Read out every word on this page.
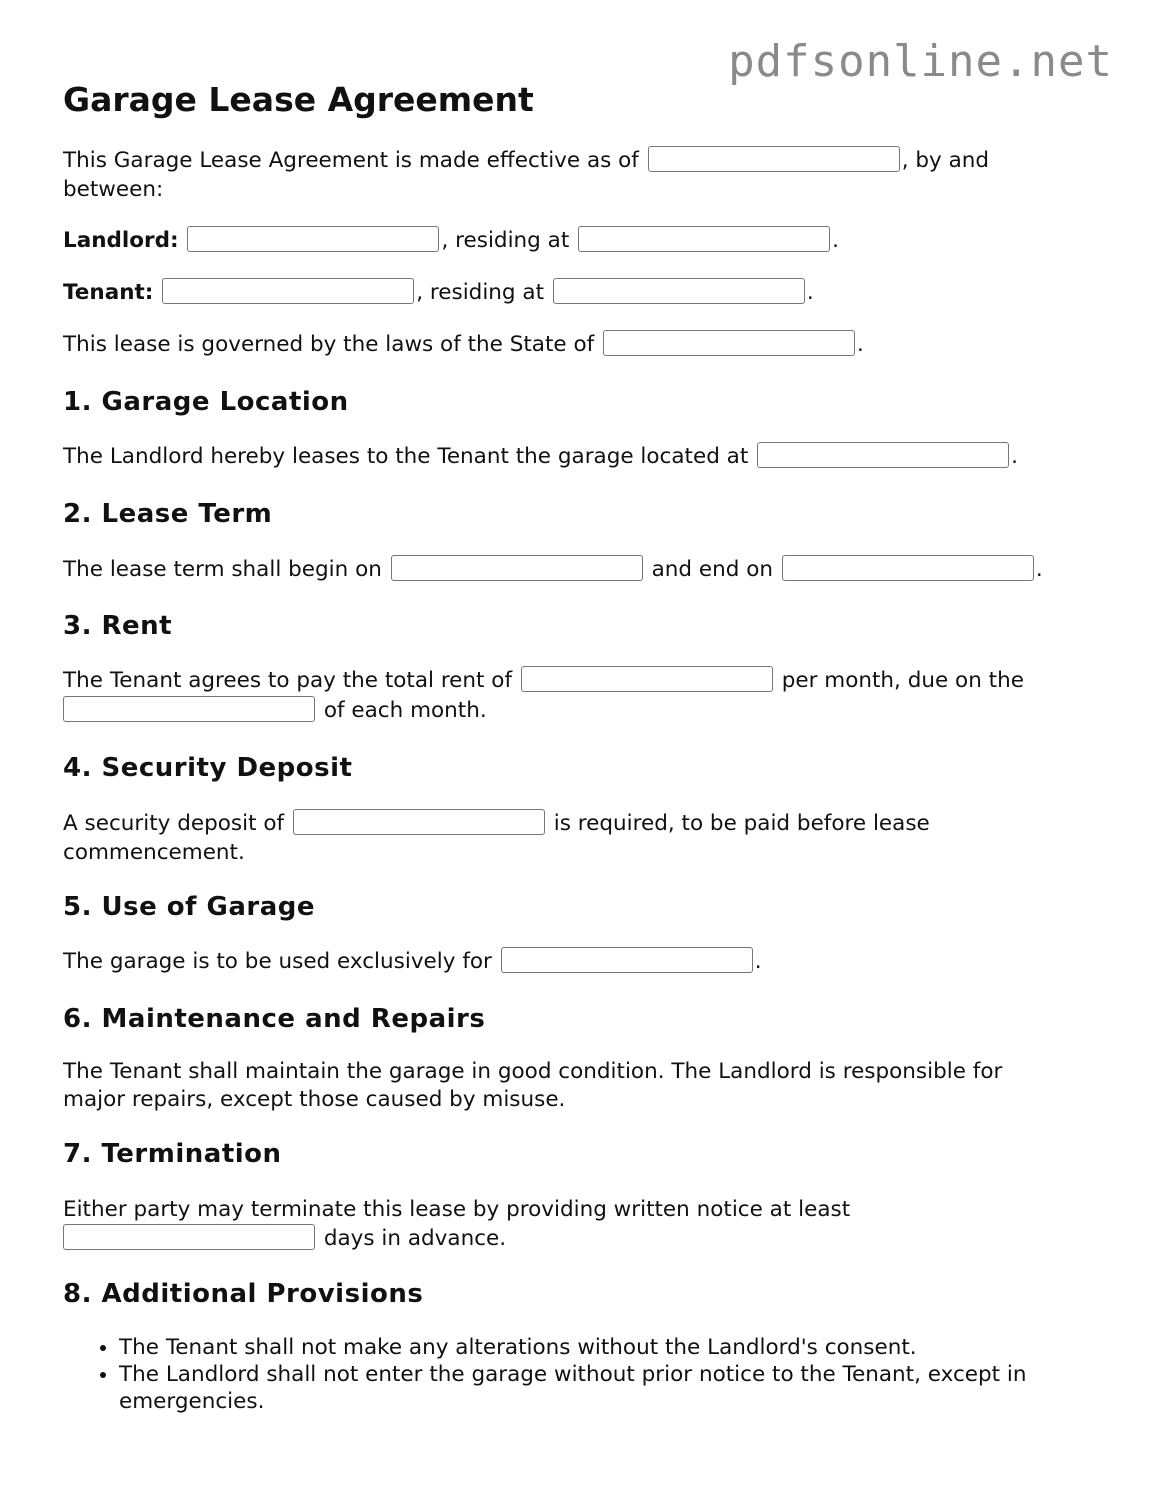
pdfsonline.net
Garage Lease Agreement

This Garage Lease Agreement is made effective as of	, by and between:

Landlord:	, residing at	.

Tenant:	, residing at	.

This lease is governed by the laws of the State of	.

1. Garage Location

The Landlord hereby leases to the Tenant the garage located at	.

2. Lease Term

The lease term shall begin on	and end on	.

3. Rent

The Tenant agrees to pay the total rent of	per month, due on the

of each month.

4. Security Deposit

A security deposit of	is required, to be paid before lease commencement.

5. Use of Garage

The garage is to be used exclusively for	.

6. Maintenance and Repairs

The Tenant shall maintain the garage in good condition. The Landlord is responsible for major repairs, except those caused by misuse.

7. Termination

Either party may terminate this lease by providing written notice at least  days in advance.

8. Additional Provisions
• The Tenant shall not make any alterations without the Landlord's consent.
• The Landlord shall not enter the garage without prior notice to the Tenant, except in emergencies.
